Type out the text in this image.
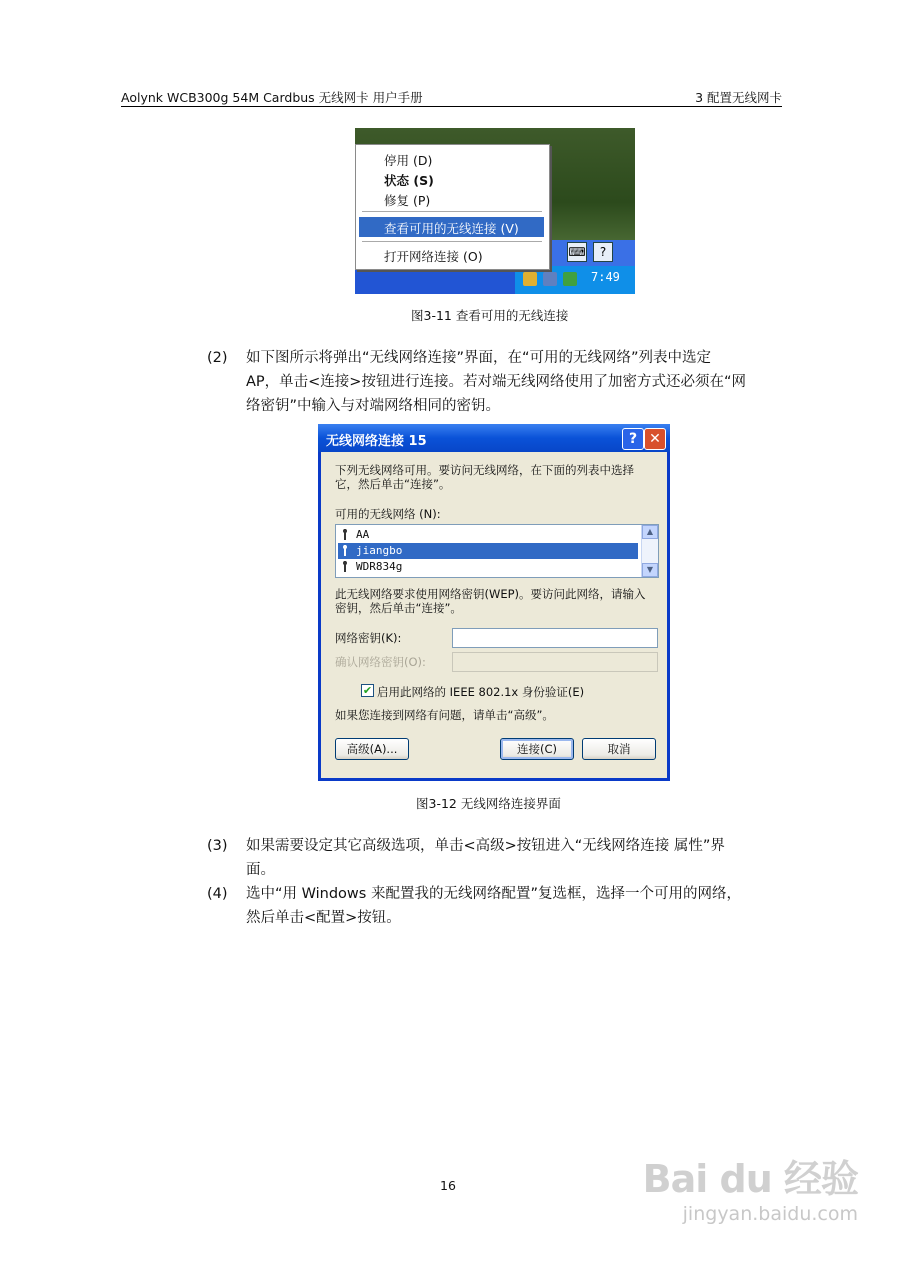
Aolynk WCB300g 54M Cardbus 无线网卡 用户手册	3 配置无线网卡
⌨	?
7:49
停用 (D)
状态 (S)
修复 (P)
查看可用的无线连接 (V)
打开网络连接 (O)
图3-11 查看可用的无线连接
(2) 如下图所示将弹出“无线网络连接”界面，在“可用的无线网络”列表中选定
AP，单击<连接>按钮进行连接。若对端无线网络使用了加密方式还必须在“网
络密钥”中输入与对端网络相同的密钥。
无线网络连接 15	? ✕
下列无线网络可用。要访问无线网络，在下面的列表中选择
它，然后单击“连接”。
可用的无线网络 (N):
AA
jiangbo
WDR834g
▲
▼
此无线网络要求使用网络密钥(WEP)。要访问此网络，请输入
密钥，然后单击“连接”。
网络密钥(K):
确认网络密钥(O):
✔ 启用此网络的 IEEE 802.1x 身份验证(E)
如果您连接到网络有问题，请单击“高级”。
高级(A)...	连接(C)	取消
图3-12 无线网络连接界面
(3) 如果需要设定其它高级选项，单击<高级>按钮进入“无线网络连接 属性”界
面。
(4) 选中“用 Windows 来配置我的无线网络配置”复选框，选择一个可用的网络，
然后单击<配置>按钮。
16	Bai du 经验
jingyan.baidu.com
